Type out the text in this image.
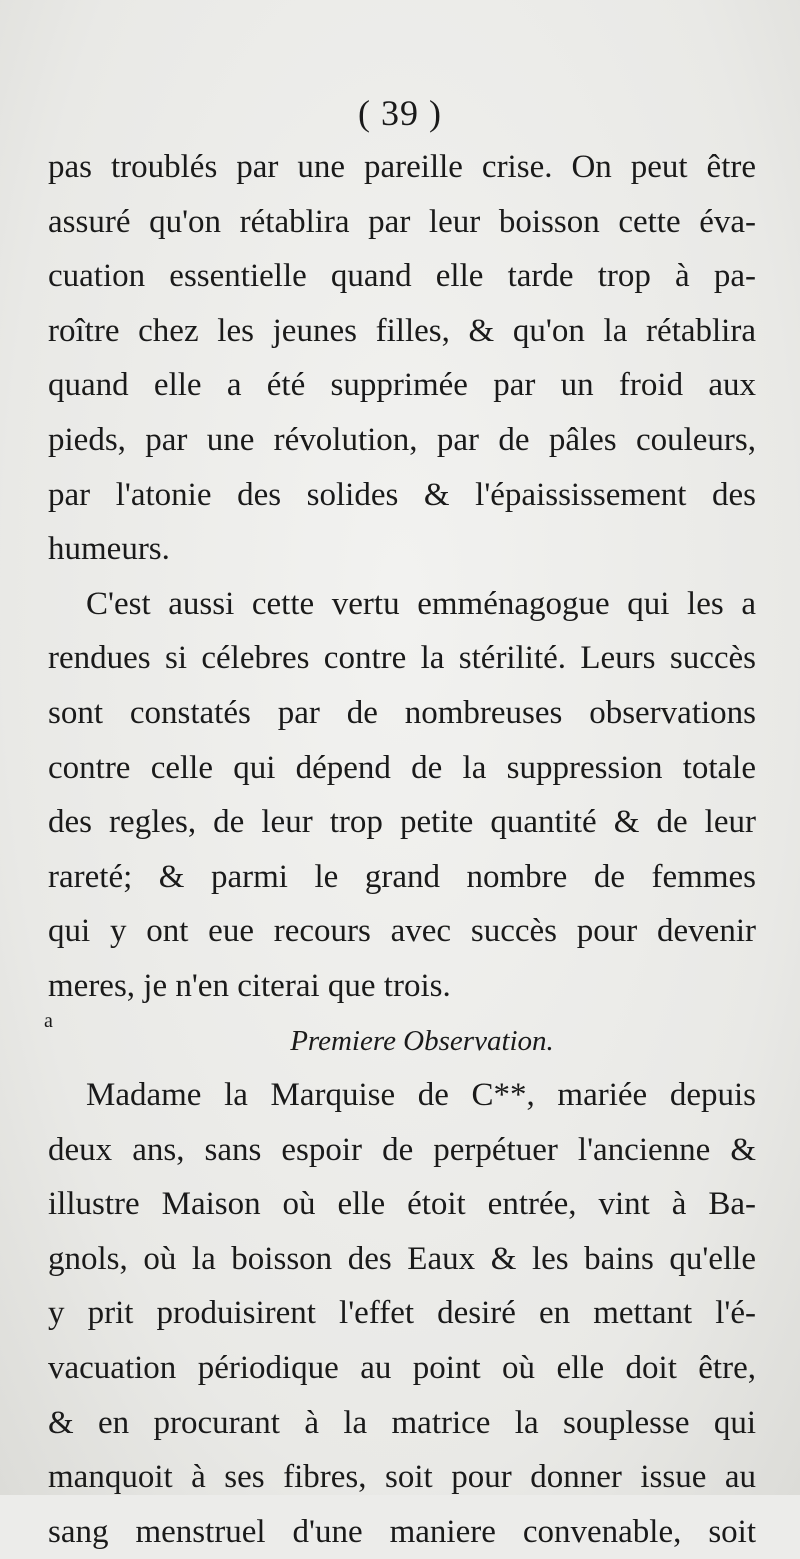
( 39 )
pas troublés par une pareille crise. On peut être
assuré qu'on rétablira par leur boisson cette éva-
cuation essentielle quand elle tarde trop à pa-
roître chez les jeunes filles, & qu'on la rétablira
quand elle a été supprimée par un froid aux
pieds, par une révolution, par de pâles couleurs,
par l'atonie des solides & l'épaississement des
humeurs.
C'est aussi cette vertu emménagogue qui les a
rendues si célebres contre la stérilité. Leurs succès
sont constatés par de nombreuses observations
contre celle qui dépend de la suppression totale
des regles, de leur trop petite quantité & de leur
rareté; & parmi le grand nombre de femmes
qui y ont eue recours avec succès pour devenir
meres, je n'en citerai que trois.
Premiere Observation.
Madame la Marquise de C**, mariée depuis
deux ans, sans espoir de perpétuer l'ancienne &
illustre Maison où elle étoit entrée, vint à Ba-
gnols, où la boisson des Eaux & les bains qu'elle
y prit produisirent l'effet desiré en mettant l'é-
vacuation périodique au point où elle doit être,
& en procurant à la matrice la souplesse qui
manquoit à ses fibres, soit pour donner issue au
sang menstruel d'une maniere convenable, soit
a
